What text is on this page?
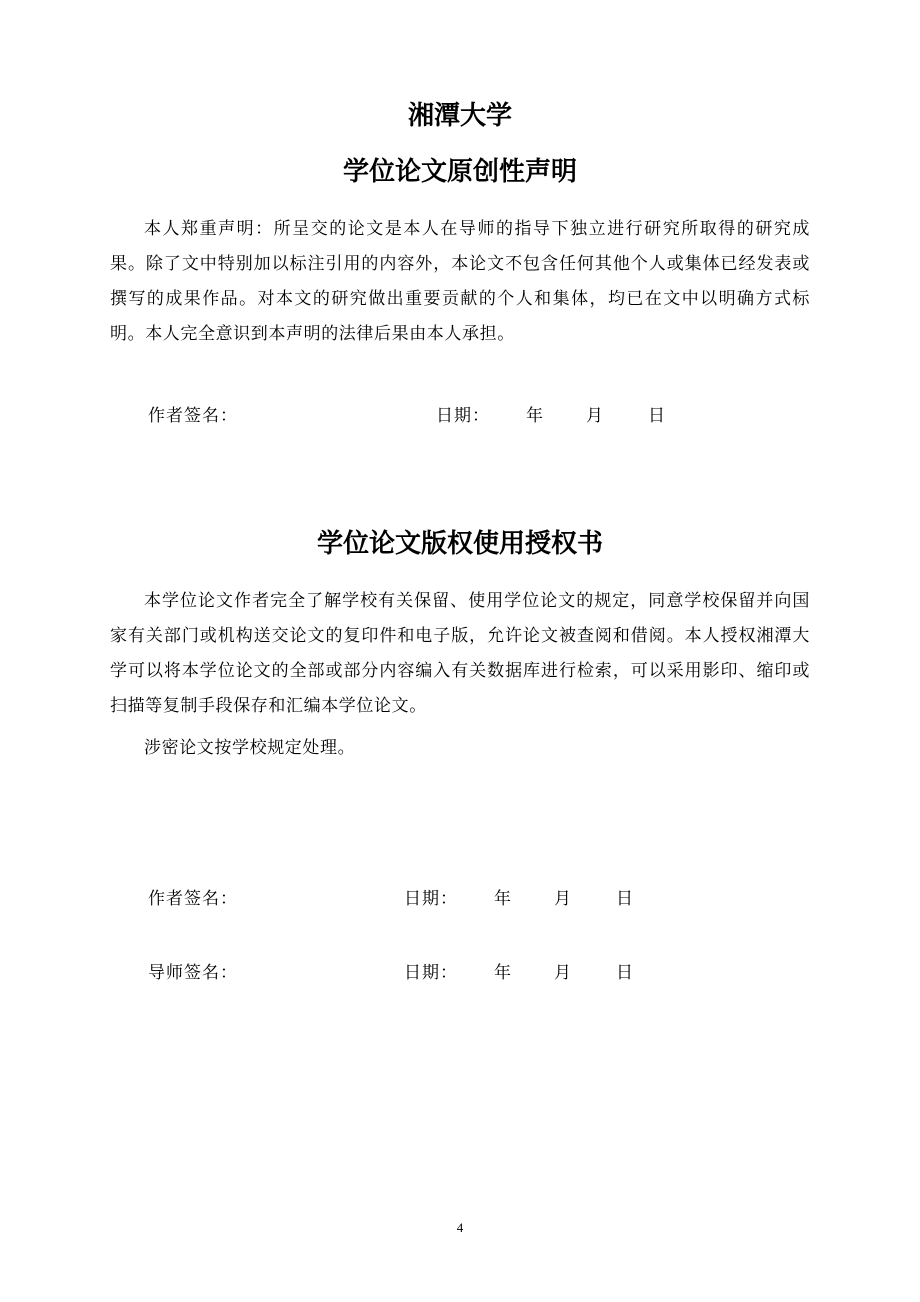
湘潭大学
学位论文原创性声明

本人郑重声明：所呈交的论文是本人在导师的指导下独立进行研究所取得的研究成果。除了文中特别加以标注引用的内容外，本论文不包含任何其他个人或集体已经发表或撰写的成果作品。对本文的研究做出重要贡献的个人和集体，均已在文中以明确方式标明。本人完全意识到本声明的法律后果由本人承担。

作者签名：	日期： 年 月	日
学位论文版权使用授权书

本学位论文作者完全了解学校有关保留、使用学位论文的规定，同意学校保留并向国家有关部门或机构送交论文的复印件和电子版，允许论文被查阅和借阅。本人授权湘潭大学可以将本学位论文的全部或部分内容编入有关数据库进行检索，可以采用影印、缩印或扫描等复制手段保存和汇编本学位论文。

涉密论文按学校规定处理。

作者签名：	日期： 年 月	日
导师签名：	日期： 年 月	日
4
